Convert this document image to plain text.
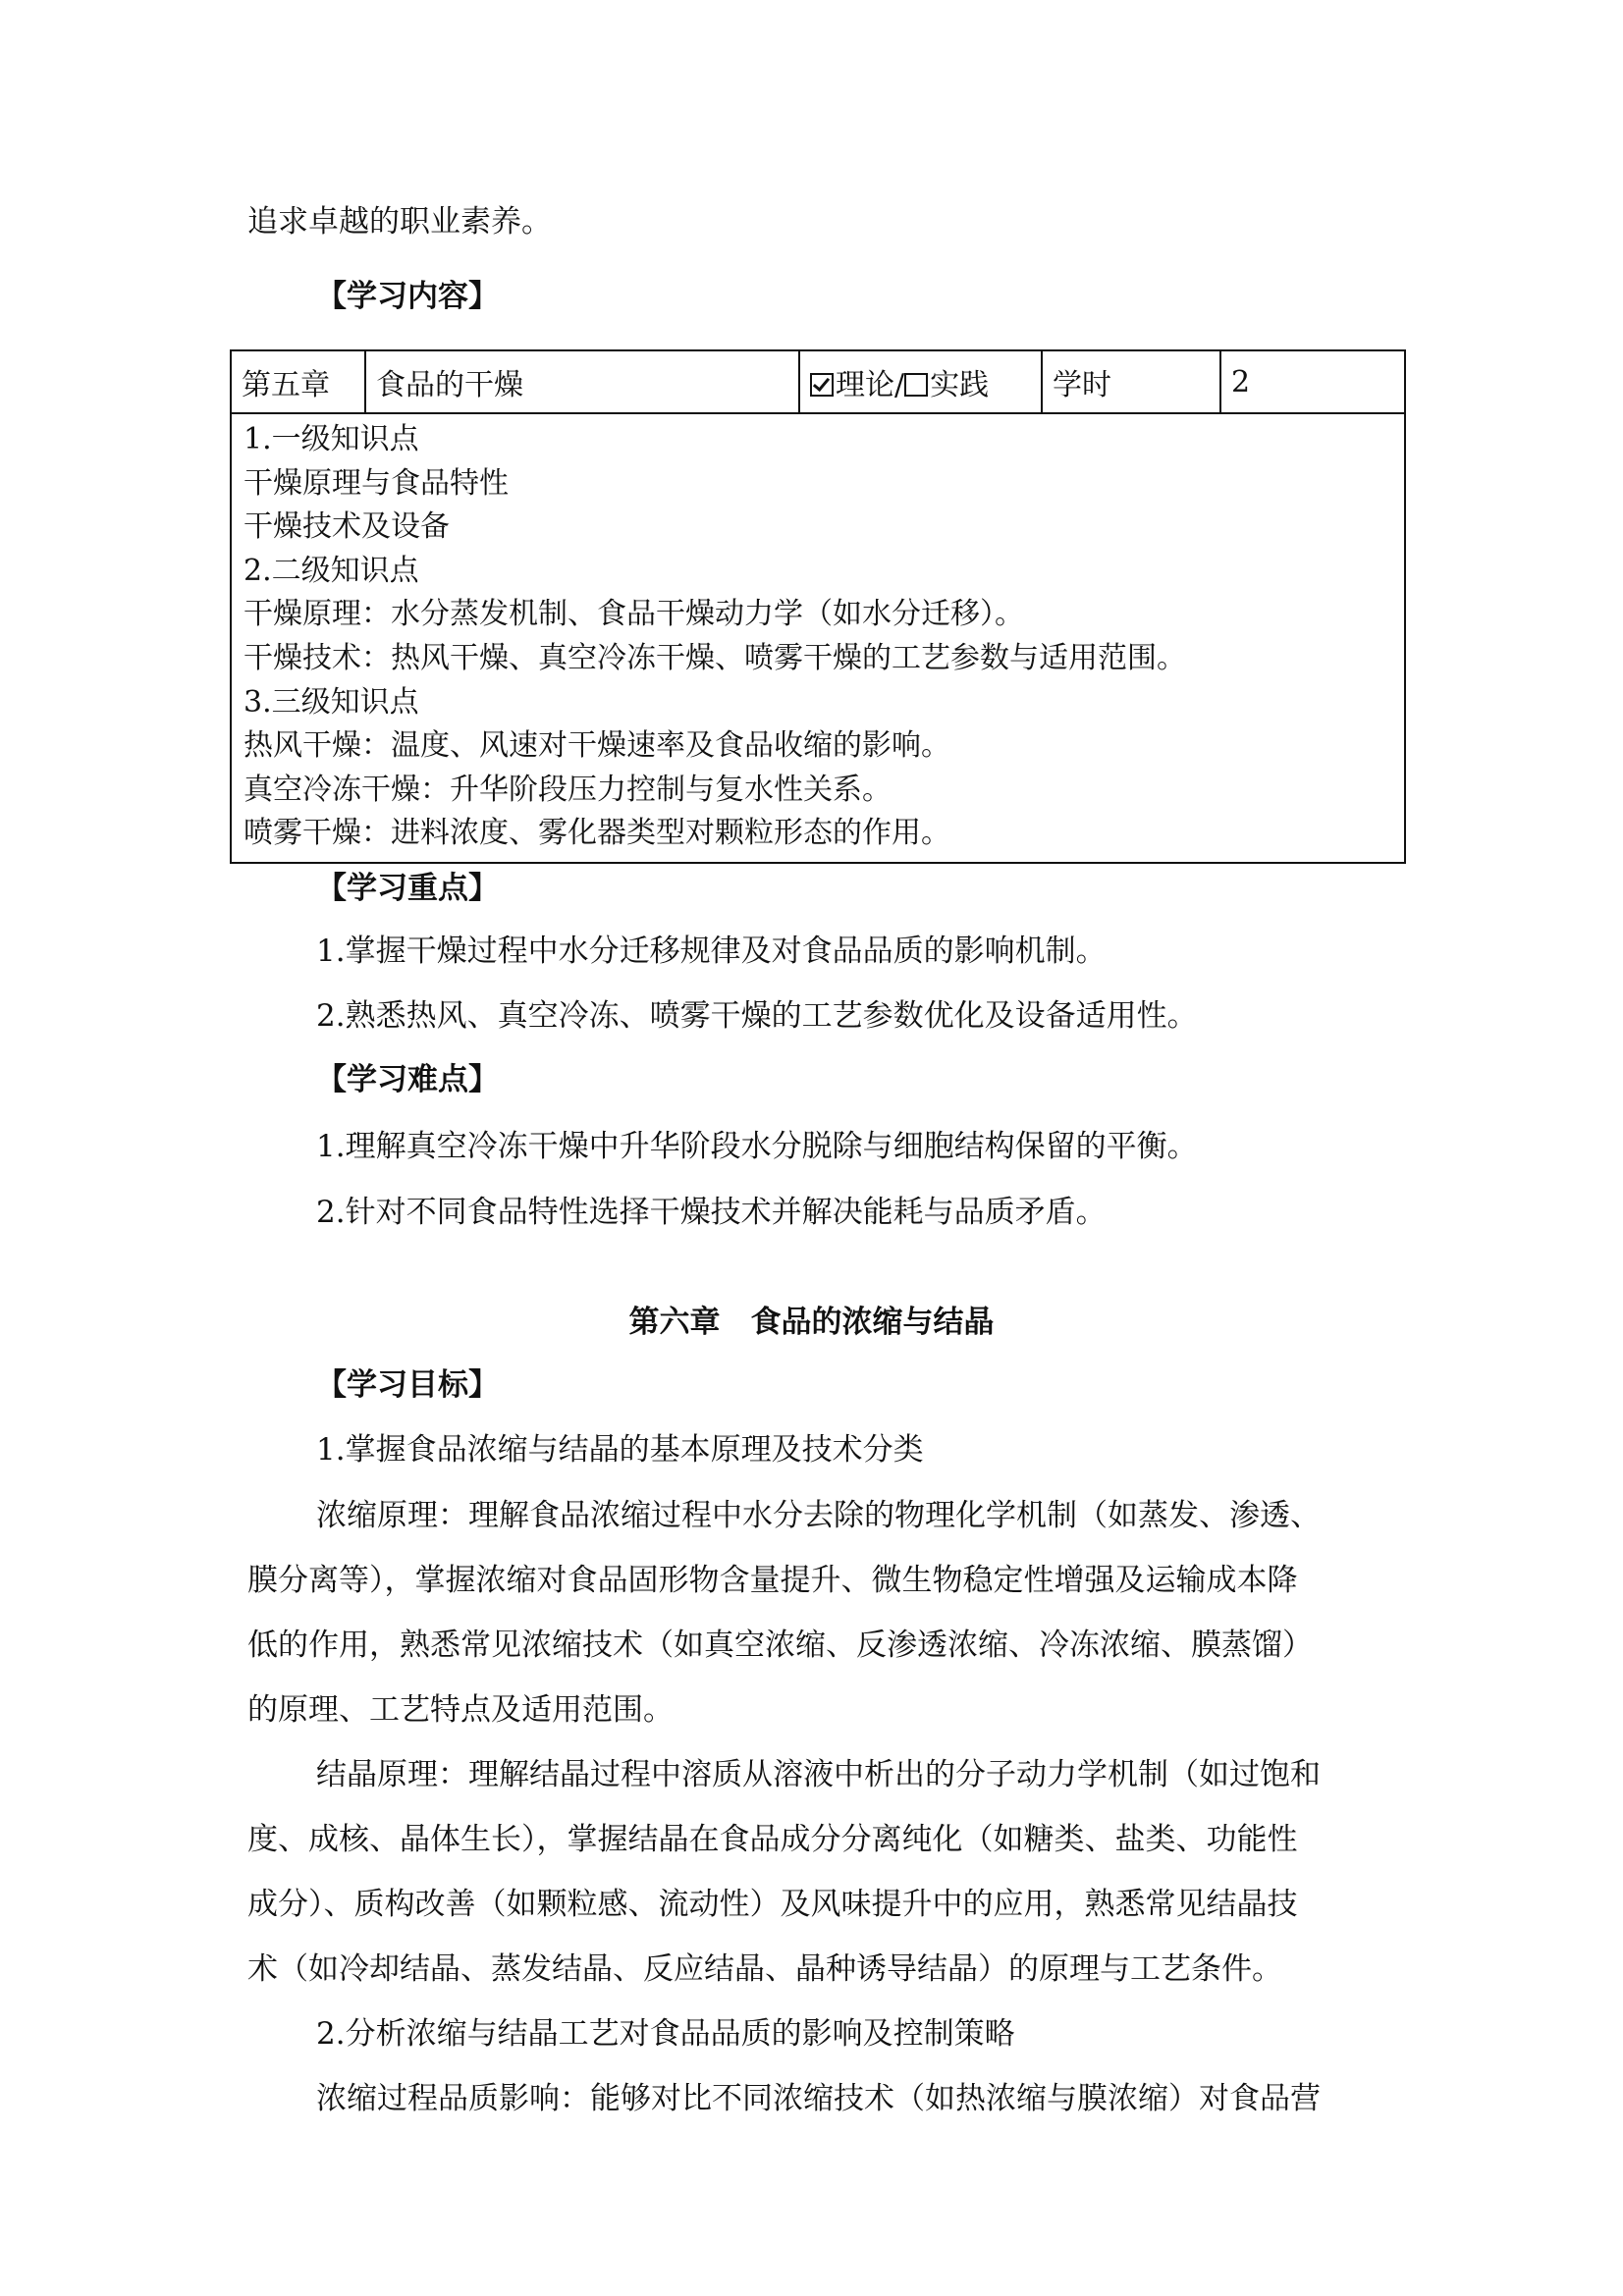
追求卓越的职业素养。
【学习内容】
第五章	食品的干燥	理论/ 实践	学时	2

1.一级知识点
干燥原理与食品特性
干燥技术及设备
2.二级知识点
干燥原理：水分蒸发机制、食品干燥动力学（如水分迁移）。
干燥技术：热风干燥、真空冷冻干燥、喷雾干燥的工艺参数与适用范围。
3.三级知识点
热风干燥：温度、风速对干燥速率及食品收缩的影响。
真空冷冻干燥：升华阶段压力控制与复水性关系。
喷雾干燥：进料浓度、雾化器类型对颗粒形态的作用。
【学习重点】
1.掌握干燥过程中水分迁移规律及对食品品质的影响机制。
2.熟悉热风、真空冷冻、喷雾干燥的工艺参数优化及设备适用性。
【学习难点】
1.理解真空冷冻干燥中升华阶段水分脱除与细胞结构保留的平衡。
2.针对不同食品特性选择干燥技术并解决能耗与品质矛盾。
第六章　食品的浓缩与结晶
【学习目标】
1.掌握食品浓缩与结晶的基本原理及技术分类
浓缩原理：理解食品浓缩过程中水分去除的物理化学机制（如蒸发、渗透、
膜分离等），掌握浓缩对食品固形物含量提升、微生物稳定性增强及运输成本降
低的作用，熟悉常见浓缩技术（如真空浓缩、反渗透浓缩、冷冻浓缩、膜蒸馏）
的原理、工艺特点及适用范围。
结晶原理：理解结晶过程中溶质从溶液中析出的分子动力学机制（如过饱和
度、成核、晶体生长），掌握结晶在食品成分分离纯化（如糖类、盐类、功能性
成分）、质构改善（如颗粒感、流动性）及风味提升中的应用，熟悉常见结晶技
术（如冷却结晶、蒸发结晶、反应结晶、晶种诱导结晶）的原理与工艺条件。
2.分析浓缩与结晶工艺对食品品质的影响及控制策略
浓缩过程品质影响：能够对比不同浓缩技术（如热浓缩与膜浓缩）对食品营
